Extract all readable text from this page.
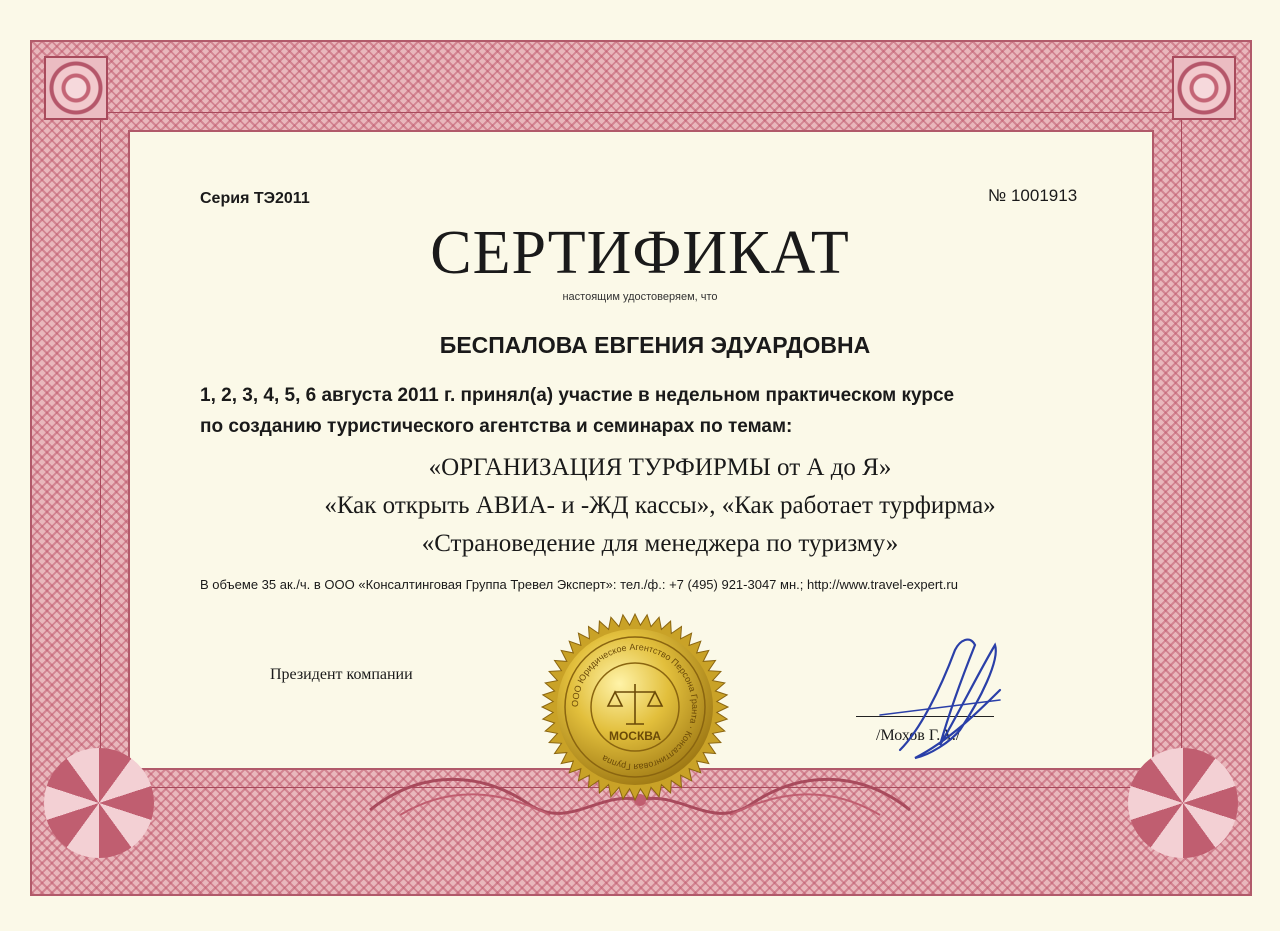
Серия ТЭ2011	№ 1001913
СЕРТИФИКАТ
настоящим удостоверяем, что
БЕСПАЛОВА ЕВГЕНИЯ ЭДУАРДОВНА
1, 2, 3, 4, 5, 6 августа 2011 г. принял(а) участие в недельном практическом курсе
по созданию туристического агентства и семинарах по темам:
«ОРГАНИЗАЦИЯ ТУРФИРМЫ от А до Я»
«Как открыть АВИА- и -ЖД кассы», «Как работает турфирма»
«Страноведение для менеджера по туризму»
В объеме 35 ак./ч. в ООО «Консалтинговая Группа Тревел Эксперт»: тел./ф.: +7 (495) 921-3047 мн.; http://www.travel-expert.ru
Президент компании
/Мохов Г.А./
ООО Юридическое Агентство Персона Гранта · Консалтинговая Группа
МОСКВА
